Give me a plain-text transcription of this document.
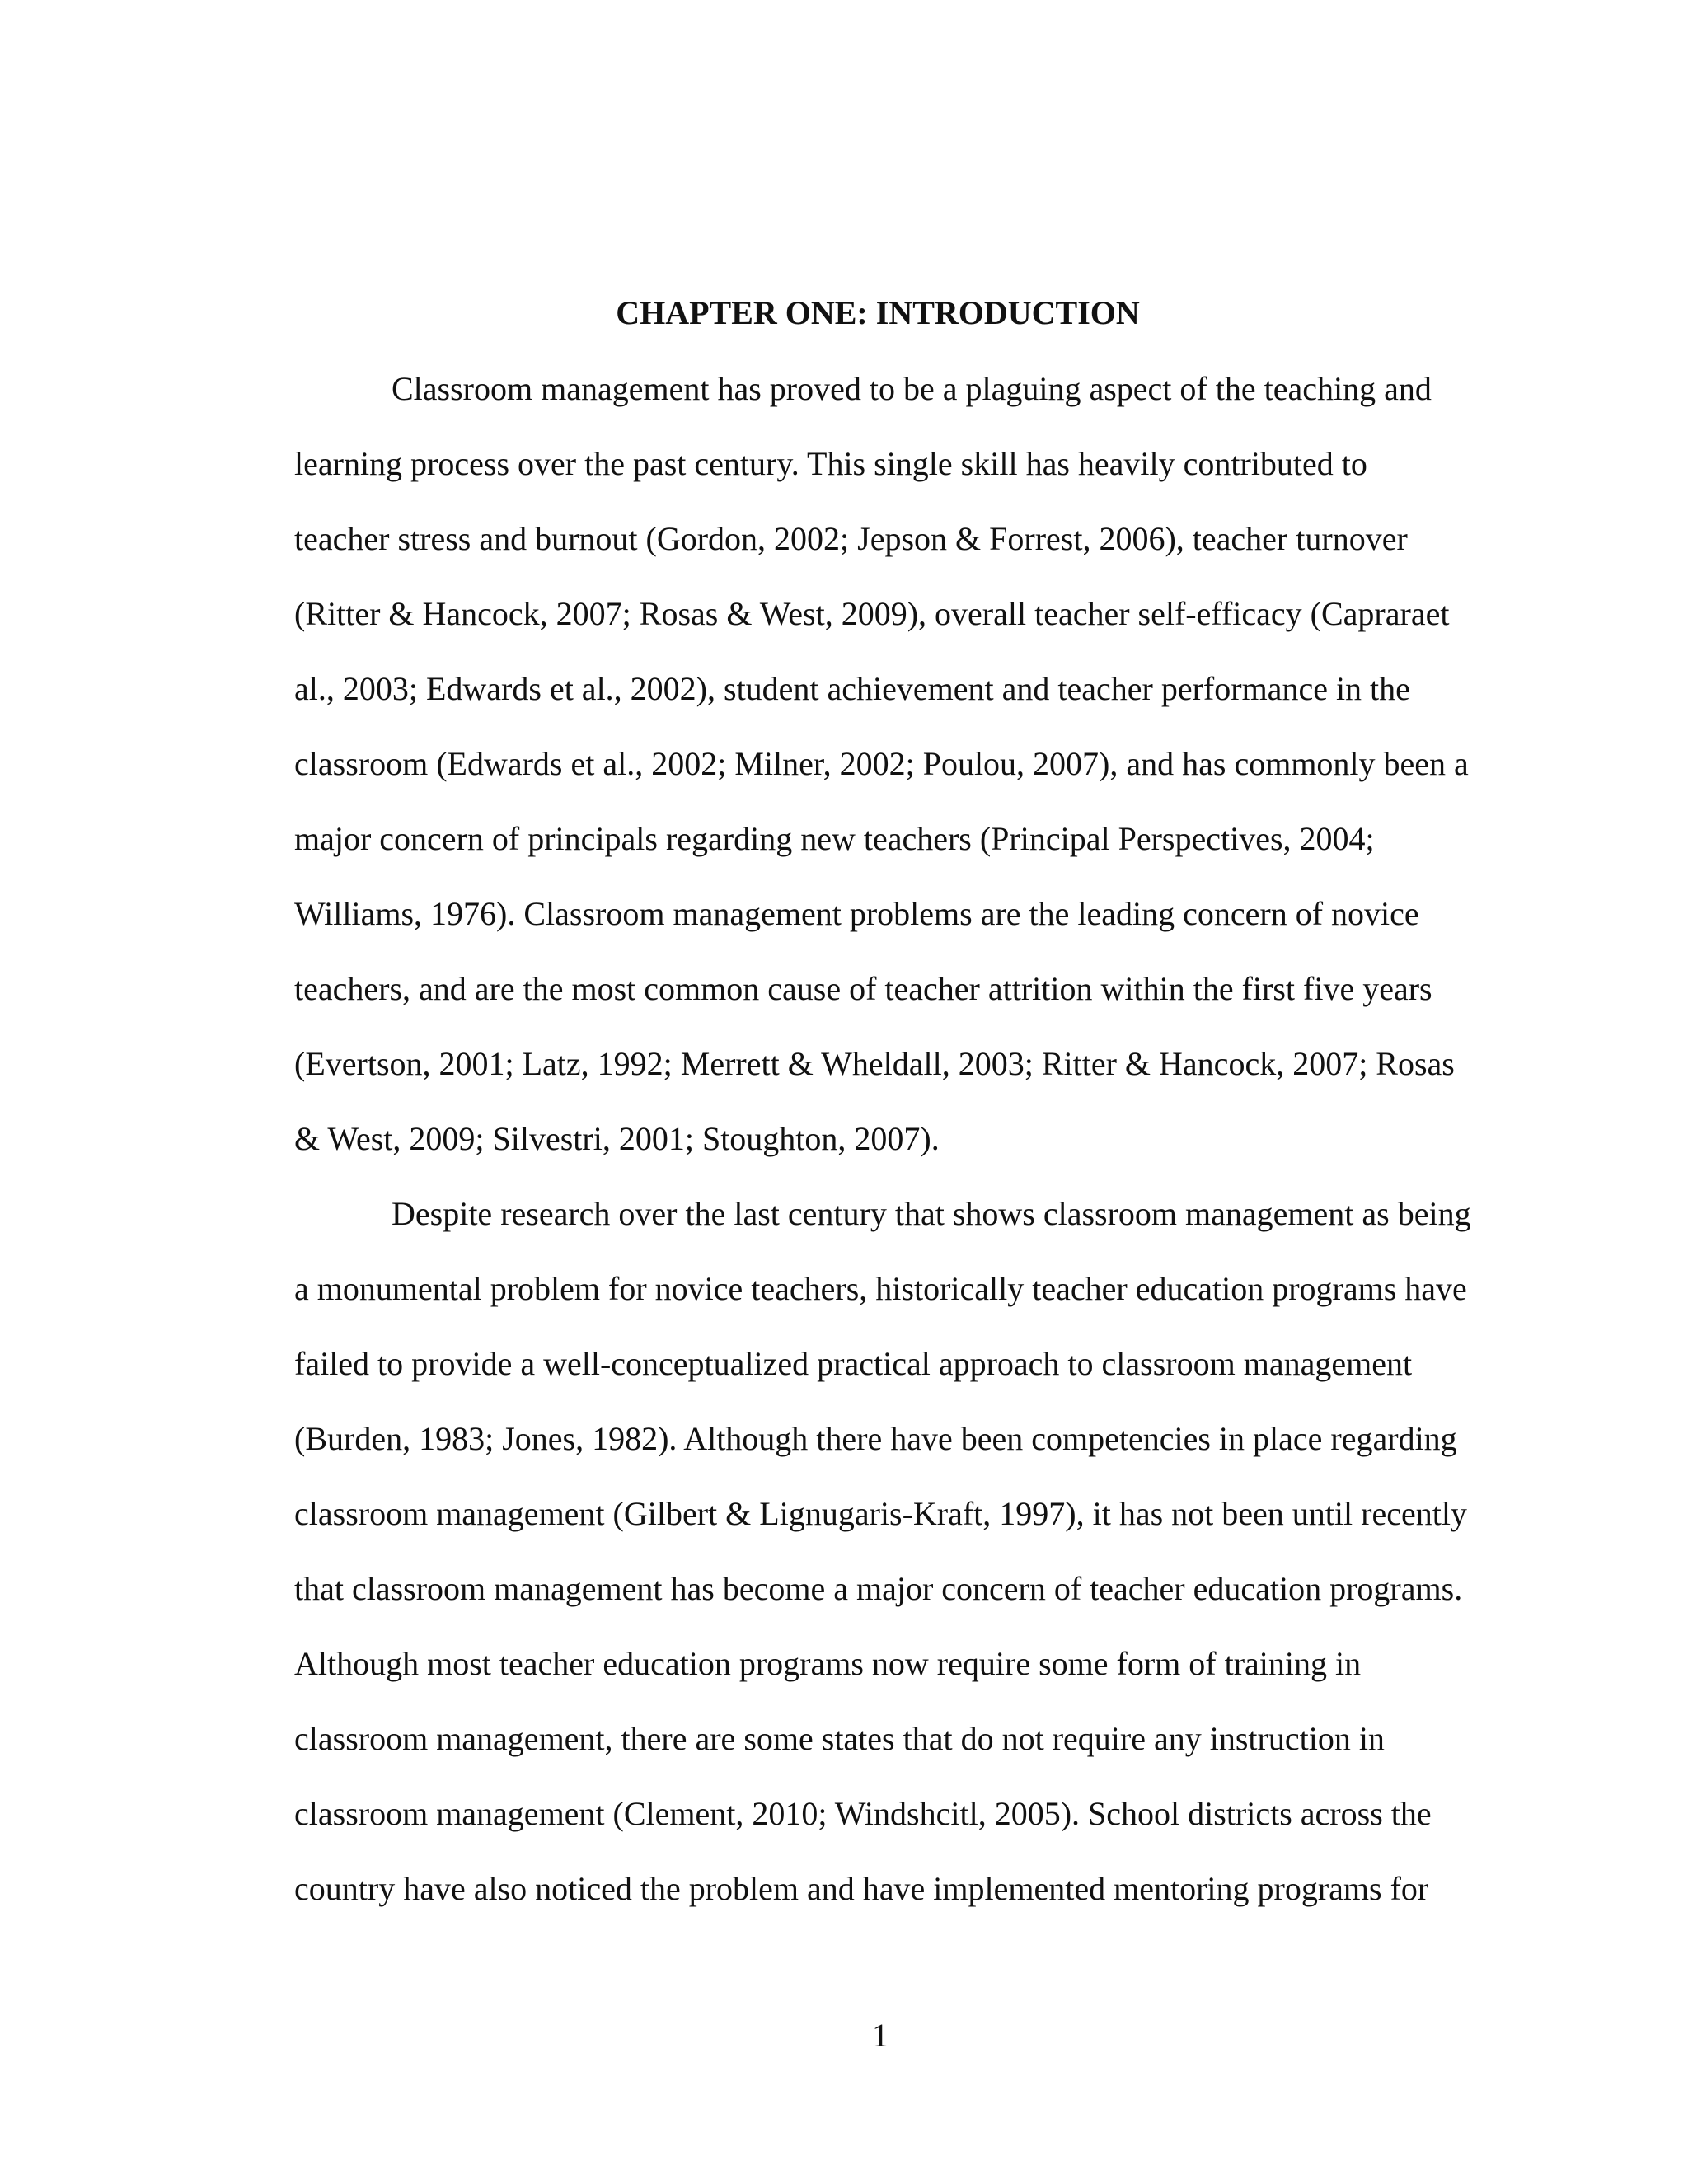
CHAPTER ONE: INTRODUCTION

Classroom management has proved to be a plaguing aspect of the teaching and

learning process over the past century. This single skill has heavily contributed to

teacher stress and burnout (Gordon, 2002; Jepson & Forrest, 2006), teacher turnover

(Ritter & Hancock, 2007; Rosas & West, 2009), overall teacher self-efficacy (Capraraet

al., 2003; Edwards et al., 2002), student achievement and teacher performance in the

classroom (Edwards et al., 2002; Milner, 2002; Poulou, 2007), and has commonly been a

major concern of principals regarding new teachers (Principal Perspectives, 2004;

Williams, 1976). Classroom management problems are the leading concern of novice

teachers, and are the most common cause of teacher attrition within the first five years

(Evertson, 2001; Latz, 1992; Merrett & Wheldall, 2003; Ritter & Hancock, 2007; Rosas

& West, 2009; Silvestri, 2001; Stoughton, 2007).

Despite research over the last century that shows classroom management as being

a monumental problem for novice teachers, historically teacher education programs have

failed to provide a well-conceptualized practical approach to classroom management

(Burden, 1983; Jones, 1982). Although there have been competencies in place regarding

classroom management (Gilbert & Lignugaris-Kraft, 1997), it has not been until recently

that classroom management has become a major concern of teacher education programs.

Although most teacher education programs now require some form of training in

classroom management, there are some states that do not require any instruction in

classroom management (Clement, 2010; Windshcitl, 2005). School districts across the

country have also noticed the problem and have implemented mentoring programs for

1
